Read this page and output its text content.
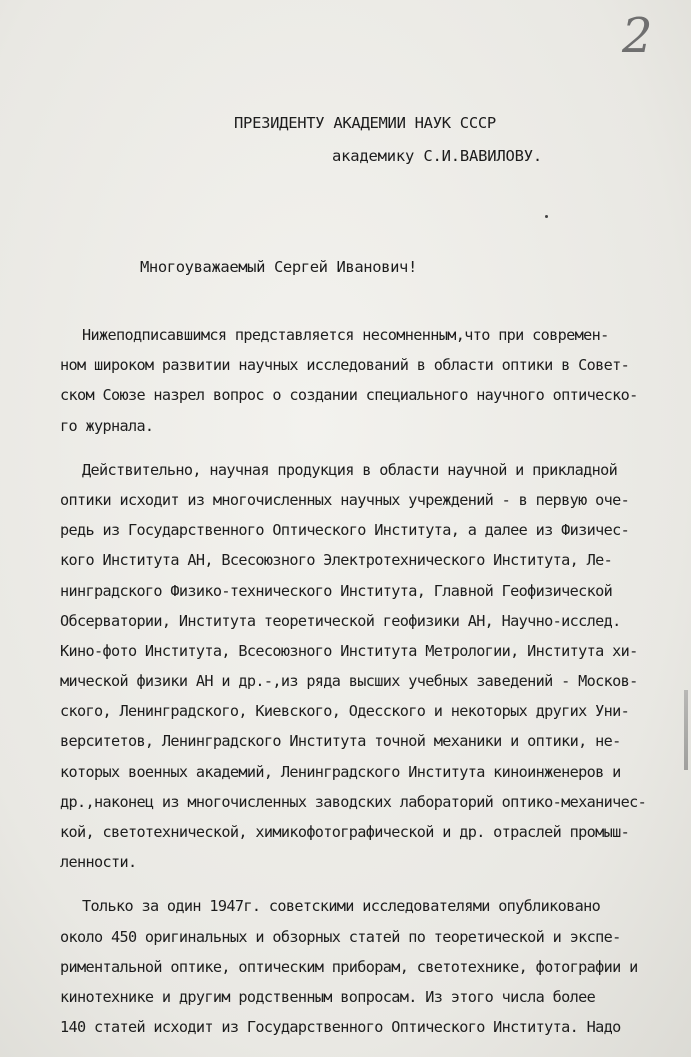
2
ПРЕЗИДЕНТУ АКАДЕМИИ НАУК СССР
академику С.И.ВАВИЛОВУ.
Многоуважаемый Сергей Иванович!
Нижеподписавшимся представляется несомненным,что при современ-
ном широком развитии научных исследований в области оптики в Совет-
ском Союзе назрел вопрос о создании специального научного оптическо-
го журнала.
Действительно, научная продукция в области научной и прикладной
оптики исходит из многочисленных научных учреждений - в первую оче-
редь из Государственного Оптического Института, а далее из Физичес-
кого Института АН, Всесоюзного Электротехнического Института, Ле-
нинградского Физико-технического Института, Главной Геофизической
Обсерватории, Института теоретической геофизики АН, Научно-исслед.
Кино-фото Института, Всесоюзного Института Метрологии, Института хи-
мической физики АН и др.-,из ряда высших учебных заведений - Москов-
ского, Ленинградского, Киевского, Одесского и некоторых других Уни-
верситетов, Ленинградского Института точной механики и оптики, не-
которых военных академий, Ленинградского Института киноинженеров и
др.,наконец из многочисленных заводских лабораторий оптико-механичес-
кой, светотехнической, химикофотографической и др. отраслей промыш-
ленности.
Только за один 1947г. советскими исследователями опубликовано
около 450 оригинальных и обзорных статей по теоретической и экспе-
риментальной оптике, оптическим приборам, светотехнике, фотографии и
кинотехнике и другим родственным вопросам. Из этого числа более
140 статей исходит из Государственного Оптического Института. Надо
